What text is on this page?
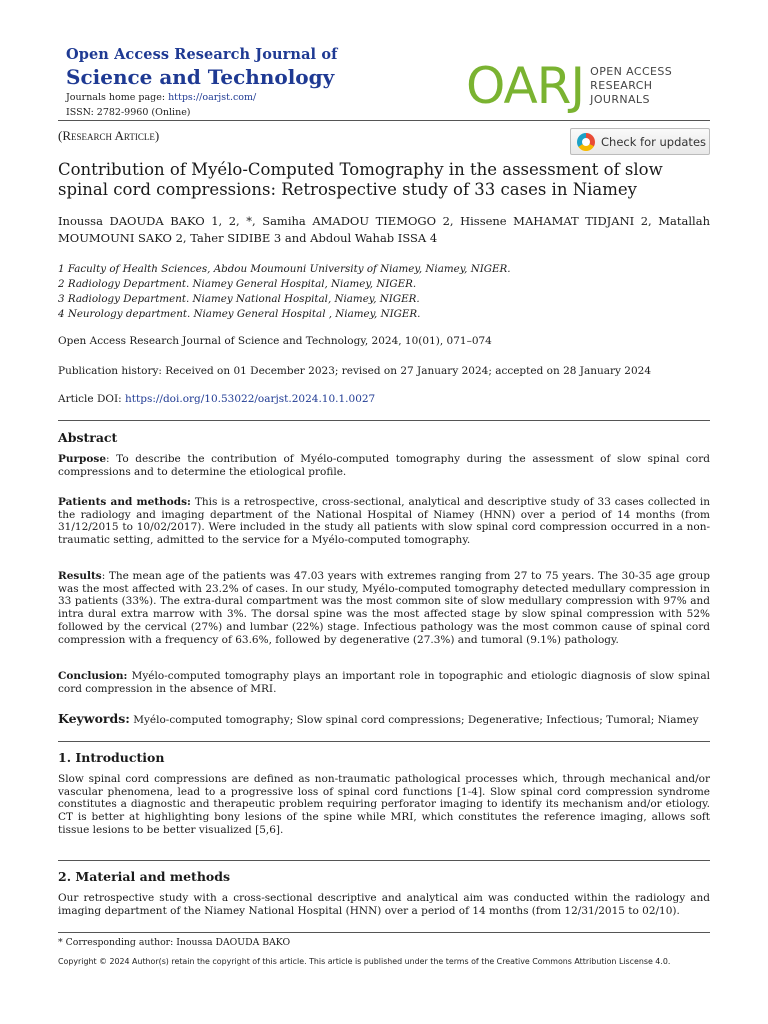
Open Access Research Journal of
Science and Technology
Journals home page: https://oarjst.com/
ISSN: 2782-9960 (Online)	OARJ OPEN ACCESS
RESEARCH
JOURNALS
(Research Article)	Check for updates
Contribution of Myélo-Computed Tomography in the assessment of slow spinal cord compressions: Retrospective study of 33 cases in Niamey
Inoussa DAOUDA BAKO 1, 2, *, Samiha AMADOU TIEMOGO 2, Hissene MAHAMAT TIDJANI 2, Matallah MOUMOUNI SAKO 2, Taher SIDIBE 3 and Abdoul Wahab ISSA 4
1 Faculty of Health Sciences, Abdou Moumouni University of Niamey, Niamey, NIGER.
2 Radiology Department. Niamey General Hospital, Niamey, NIGER.
3 Radiology Department. Niamey National Hospital, Niamey, NIGER.
4 Neurology department. Niamey General Hospital , Niamey, NIGER.
Open Access Research Journal of Science and Technology, 2024, 10(01), 071–074
Publication history: Received on 01 December 2023; revised on 27 January 2024; accepted on 28 January 2024
Article DOI: https://doi.org/10.53022/oarjst.2024.10.1.0027
Abstract
Purpose: To describe the contribution of Myélo-computed tomography during the assessment of slow spinal cord compressions and to determine the etiological profile.
Patients and methods: This is a retrospective, cross-sectional, analytical and descriptive study of 33 cases collected in the radiology and imaging department of the National Hospital of Niamey (HNN) over a period of 14 months (from 31/12/2015 to 10/02/2017). Were included in the study all patients with slow spinal cord compression occurred in a non-traumatic setting, admitted to the service for a Myélo-computed tomography.
Results: The mean age of the patients was 47.03 years with extremes ranging from 27 to 75 years. The 30-35 age group was the most affected with 23.2% of cases. In our study, Myélo-computed tomography detected medullary compression in 33 patients (33%). The extra-dural compartment was the most common site of slow medullary compression with 97% and intra dural extra marrow with 3%. The dorsal spine was the most affected stage by slow spinal compression with 52% followed by the cervical (27%) and lumbar (22%) stage. Infectious pathology was the most common cause of spinal cord compression with a frequency of 63.6%, followed by degenerative (27.3%) and tumoral (9.1%) pathology.
Conclusion: Myélo-computed tomography plays an important role in topographic and etiologic diagnosis of slow spinal cord compression in the absence of MRI.
Keywords: Myélo-computed tomography; Slow spinal cord compressions; Degenerative; Infectious; Tumoral; Niamey
1. Introduction
Slow spinal cord compressions are defined as non-traumatic pathological processes which, through mechanical and/or vascular phenomena, lead to a progressive loss of spinal cord functions [1-4]. Slow spinal cord compression syndrome constitutes a diagnostic and therapeutic problem requiring perforator imaging to identify its mechanism and/or etiology. CT is better at highlighting bony lesions of the spine while MRI, which constitutes the reference imaging, allows soft tissue lesions to be better visualized [5,6].
2. Material and methods
Our retrospective study with a cross-sectional descriptive and analytical aim was conducted within the radiology and imaging department of the Niamey National Hospital (HNN) over a period of 14 months (from 12/31/2015 to 02/10).
* Corresponding author: Inoussa DAOUDA BAKO
Copyright © 2024 Author(s) retain the copyright of this article. This article is published under the terms of the Creative Commons Attribution Liscense 4.0.
